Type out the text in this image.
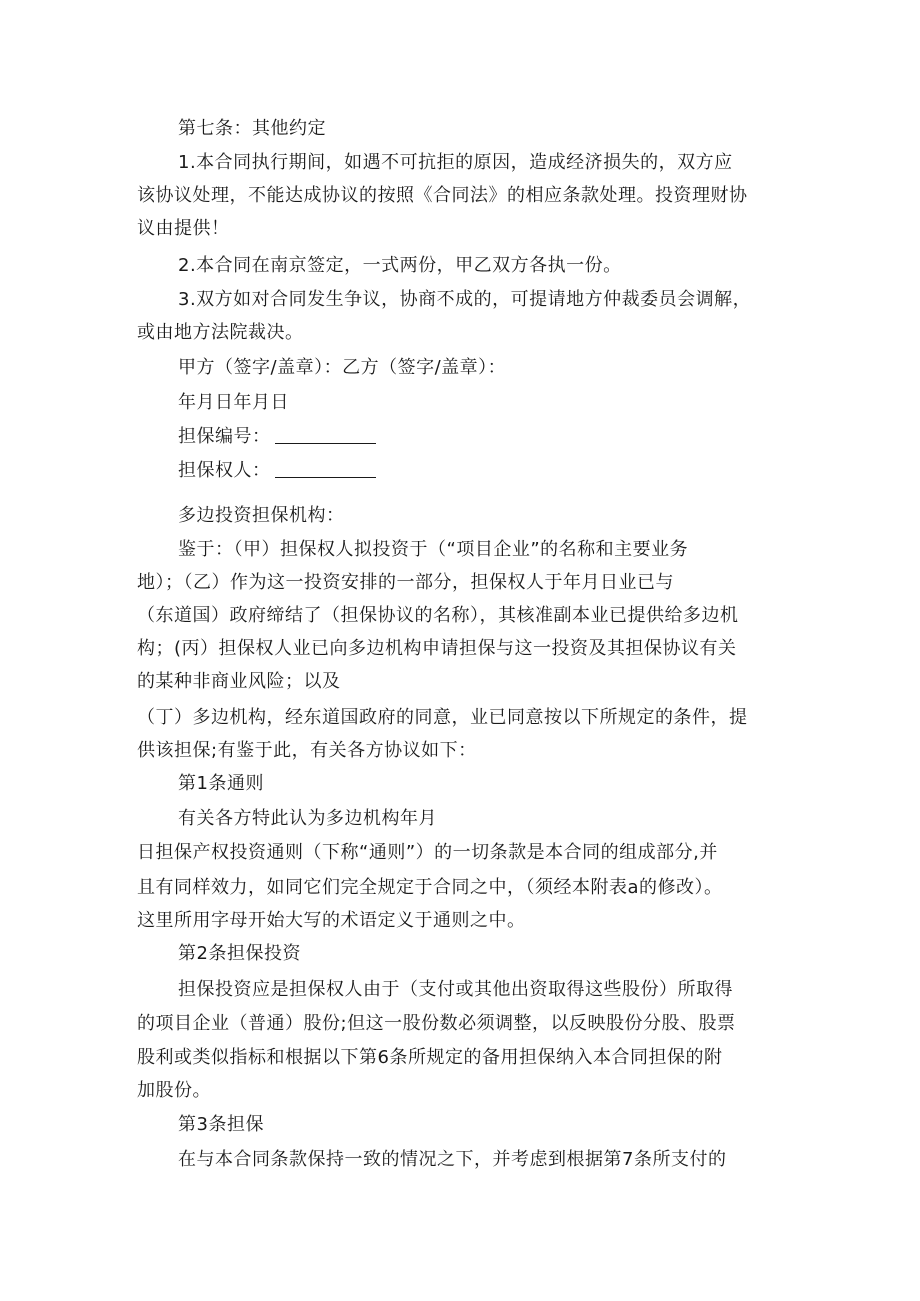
第七条：其他约定
1.本合同执行期间，如遇不可抗拒的原因，造成经济损失的，双方应
该协议处理，不能达成协议的按照《合同法》的相应条款处理。投资理财协
议由提供！
2.本合同在南京签定，一式两份，甲乙双方各执一份。
3.双方如对合同发生争议，协商不成的，可提请地方仲裁委员会调解，
或由地方法院裁决。
甲方（签字/盖章）：乙方（签字/盖章）：
年月日年月日
担保编号：
担保权人：
多边投资担保机构：
鉴于：（甲）担保权人拟投资于（“项目企业”的名称和主要业务
地）；（乙）作为这一投资安排的一部分，担保权人于年月日业已与
（东道国）政府缔结了（担保协议的名称），其核准副本业已提供给多边机
构；(丙）担保权人业已向多边机构申请担保与这一投资及其担保协议有关
的某种非商业风险；以及
（丁）多边机构，经东道国政府的同意，业已同意按以下所规定的条件，提
供该担保;有鉴于此，有关各方协议如下：
第1条通则
有关各方特此认为多边机构年月
日担保产权投资通则（下称“通则”）的一切条款是本合同的组成部分,并
且有同样效力，如同它们完全规定于合同之中，（须经本附表a的修改）。
这里所用字母开始大写的术语定义于通则之中。
第2条担保投资
担保投资应是担保权人由于（支付或其他出资取得这些股份）所取得
的项目企业（普通）股份;但这一股份数必须调整，以反映股份分股、股票
股利或类似指标和根据以下第6条所规定的备用担保纳入本合同担保的附
加股份。
第3条担保
在与本合同条款保持一致的情况之下，并考虑到根据第7条所支付的
